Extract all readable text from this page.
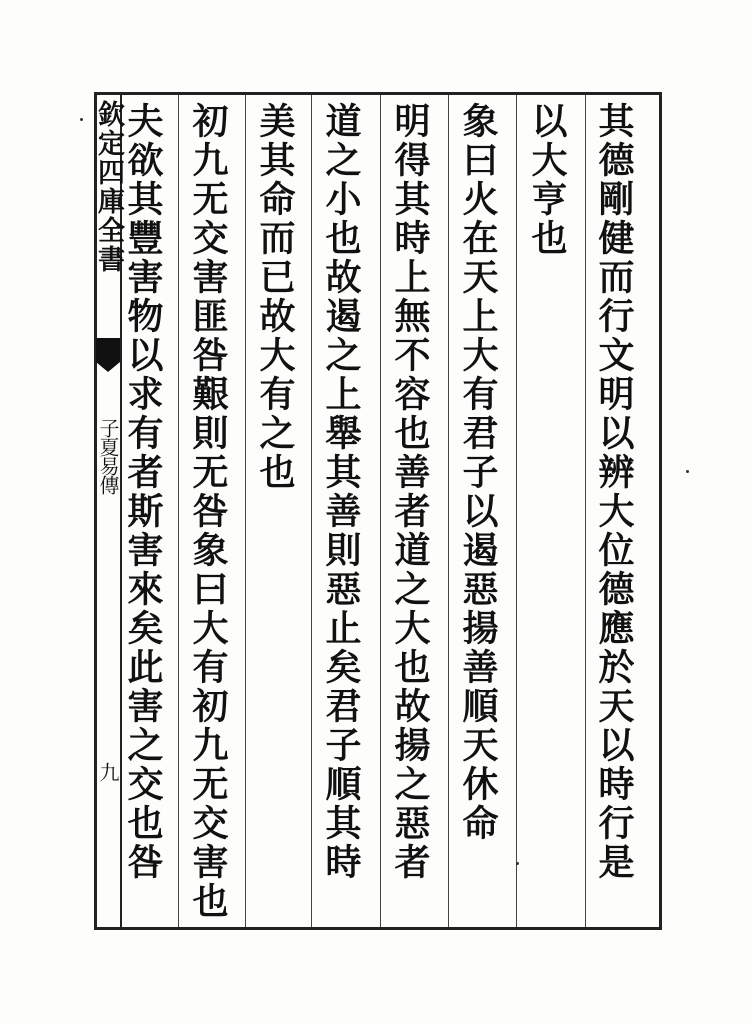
欽定四庫全書
子夏易傳
九	其德剛健而行文明以辨大位德應於天以時行是
以大亨也
象曰火在天上大有君子以遏惡揚善順天休命
明得其時上無不容也善者道之大也故揚之惡者
道之小也故遏之上舉其善則惡止矣君子順其時
美其命而已故大有之也
初九无交害匪咎艱則无咎象曰大有初九无交害也
夫欲其豐害物以求有者斯害來矣此害之交也咎
